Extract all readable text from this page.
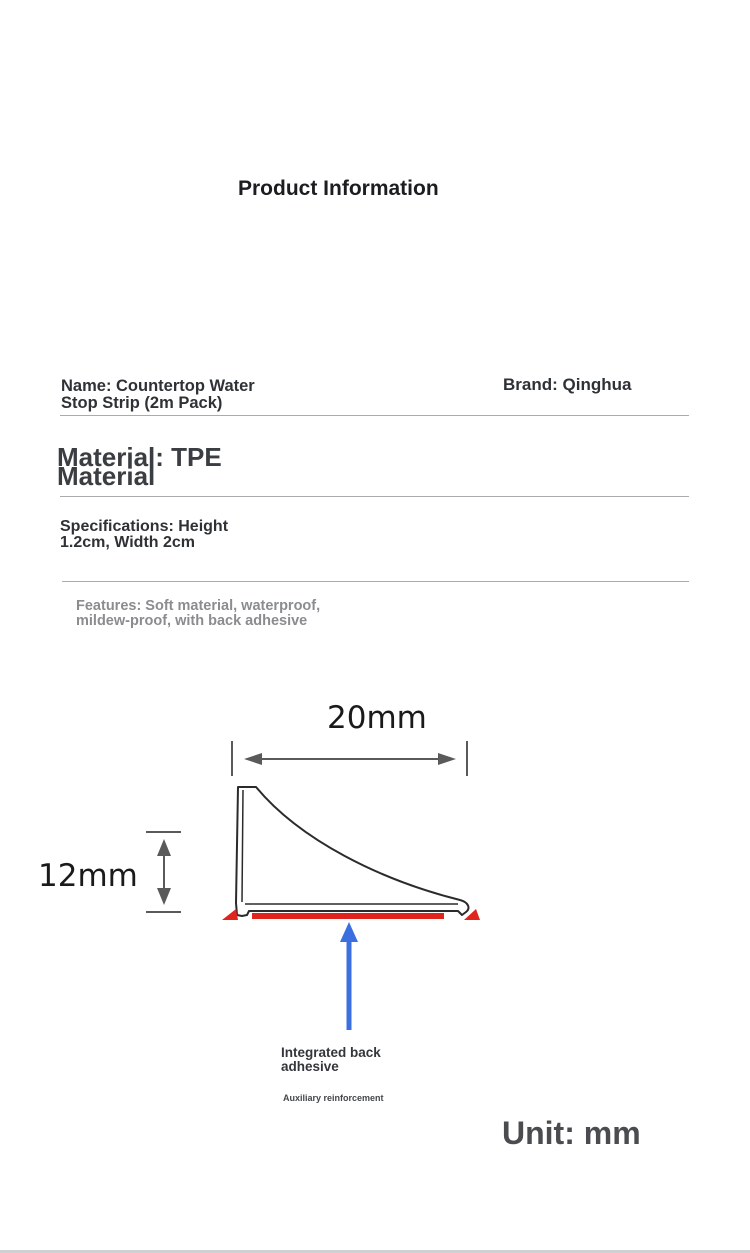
Product Information
Name: Countertop Water
Stop Strip (2m Pack)
Brand: Qinghua
Material: TPE
Material
Specifications: Height
1.2cm, Width 2cm
Features: Soft material, waterproof,
mildew-proof, with back adhesive
20mm
12mm
Integrated back
adhesive
Auxiliary reinforcement
Unit: mm
